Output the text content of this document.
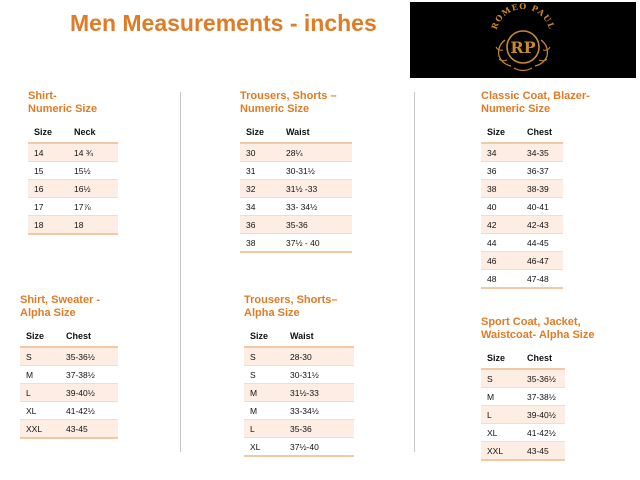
Men Measurements - inches	ROMEO PAUL
RP
Shirt-
Numeric Size
Size	Neck
14	14 ¾
15	15½
16	16½
17	17⅞
18	18
Shirt, Sweater -
Alpha Size
Size	Chest
S	35-36½
M	37-38½
L	39-40½
XL	41-42½
XXL	43-45
Trousers, Shorts –
Numeric Size
Size	Waist
30	28¼
31	30-31½
32	31½ -33
34	33- 34½
36	35-36
38	37½ - 40
Trousers, Shorts–
Alpha Size
Size	Waist
S	28-30
S	30-31½
M	31½-33
M	33-34½
L	35-36
XL	37½-40
Classic Coat, Blazer-
Numeric Size
Size	Chest
34	34-35
36	36-37
38	38-39
40	40-41
42	42-43
44	44-45
46	46-47
48	47-48
Sport Coat, Jacket,
Waistcoat- Alpha Size
Size	Chest
S	35-36½
M	37-38½
L	39-40½
XL	41-42½
XXL	43-45
